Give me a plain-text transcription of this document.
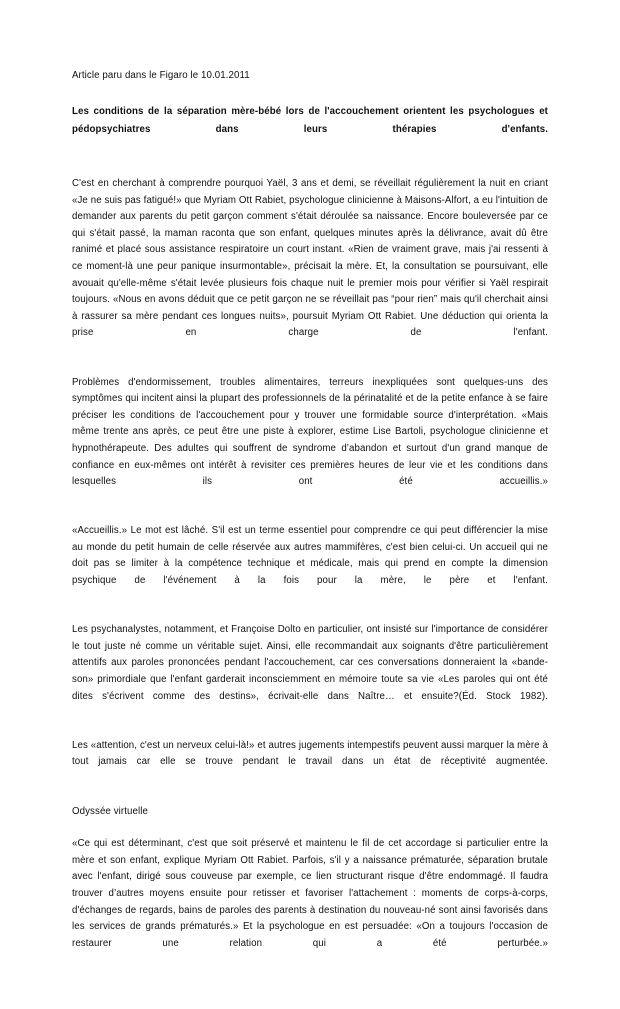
Article paru dans le Figaro le 10.01.2011
Les conditions de la séparation mère-bébé lors de l'accouchement orientent les psychologues et pédopsychiatres dans leurs thérapies d'enfants.

C'est en cherchant à comprendre pourquoi Yaël, 3 ans et demi, se réveillait régulièrement la nuit en criant «Je ne suis pas fatigué!» que Myriam Ott Rabiet, psychologue clinicienne à Maisons-Alfort, a eu l'intuition de demander aux parents du petit garçon comment s'était déroulée sa naissance. Encore bouleversée par ce qui s'était passé, la maman raconta que son enfant, quelques minutes après la délivrance, avait dû être ranimé et placé sous assistance respiratoire un court instant. «Rien de vraiment grave, mais j'ai ressenti à ce moment-là une peur panique insurmontable», précisait la mère. Et, la consultation se poursuivant, elle avouait qu'elle-même s'était levée plusieurs fois chaque nuit le premier mois pour vérifier si Yaël respirait toujours. «Nous en avons déduit que ce petit garçon ne se réveillait pas “pour rien” mais qu'il cherchait ainsi à rassurer sa mère pendant ces longues nuits», poursuit Myriam Ott Rabiet. Une déduction qui orienta la prise en charge de l'enfant.

Problèmes d'endormissement, troubles alimentaires, terreurs inexpliquées sont quelques-uns des symptômes qui incitent ainsi la plupart des professionnels de la périnatalité et de la petite enfance à se faire préciser les conditions de l'accouchement pour y trouver une formidable source d'interprétation. «Mais même trente ans après, ce peut être une piste à explorer, estime Lise Bartoli, psychologue clinicienne et hypnothérapeute. Des adultes qui souffrent de syndrome d’abandon et surtout d'un grand manque de confiance en eux-mêmes ont intérêt à revisiter ces premières heures de leur vie et les conditions dans lesquelles ils ont été accueillis.»

«Accueillis.» Le mot est lâché. S'il est un terme essentiel pour comprendre ce qui peut différencier la mise au monde du petit humain de celle réservée aux autres mammifères, c'est bien celui-ci. Un accueil qui ne doit pas se limiter à la compétence technique et médicale, mais qui prend en compte la dimension psychique de l'événement à la fois pour la mère, le père et l'enfant.

Les psychanalystes, notamment, et Françoise Dolto en particulier, ont insisté sur l'importance de considérer le tout juste né comme un véritable sujet. Ainsi, elle recommandait aux soignants d'être particulièrement attentifs aux paroles prononcées pendant l'accouchement, car ces conversations donneraient la «bande-son» primordiale que l'enfant garderait inconsciemment en mémoire toute sa vie «Les paroles qui ont été dites s'écrivent comme des destins», écrivait-elle dans Naître… et ensuite?(Éd. Stock 1982).

Les «attention, c'est un nerveux celui-là!» et autres jugements intempestifs peuvent aussi marquer la mère à tout jamais car elle se trouve pendant le travail dans un état de réceptivité augmentée.

Odyssée virtuelle

«Ce qui est déterminant, c'est que soit préservé et maintenu le fil de cet accordage si particulier entre la mère et son enfant, explique Myriam Ott Rabiet. Parfois, s'il y a naissance prématurée, séparation brutale avec l'enfant, dirigé sous couveuse par exemple, ce lien structurant risque d'être endommagé. Il faudra trouver d’autres moyens ensuite pour retisser et favoriser l'attachement : moments de corps-à-corps, d'échanges de regards, bains de paroles des parents à destination du nouveau-né sont ainsi favorisés dans les services de grands prématurés.» Et la psychologue en est persuadée: «On a toujours l'occasion de restaurer une relation qui a été perturbée.»
